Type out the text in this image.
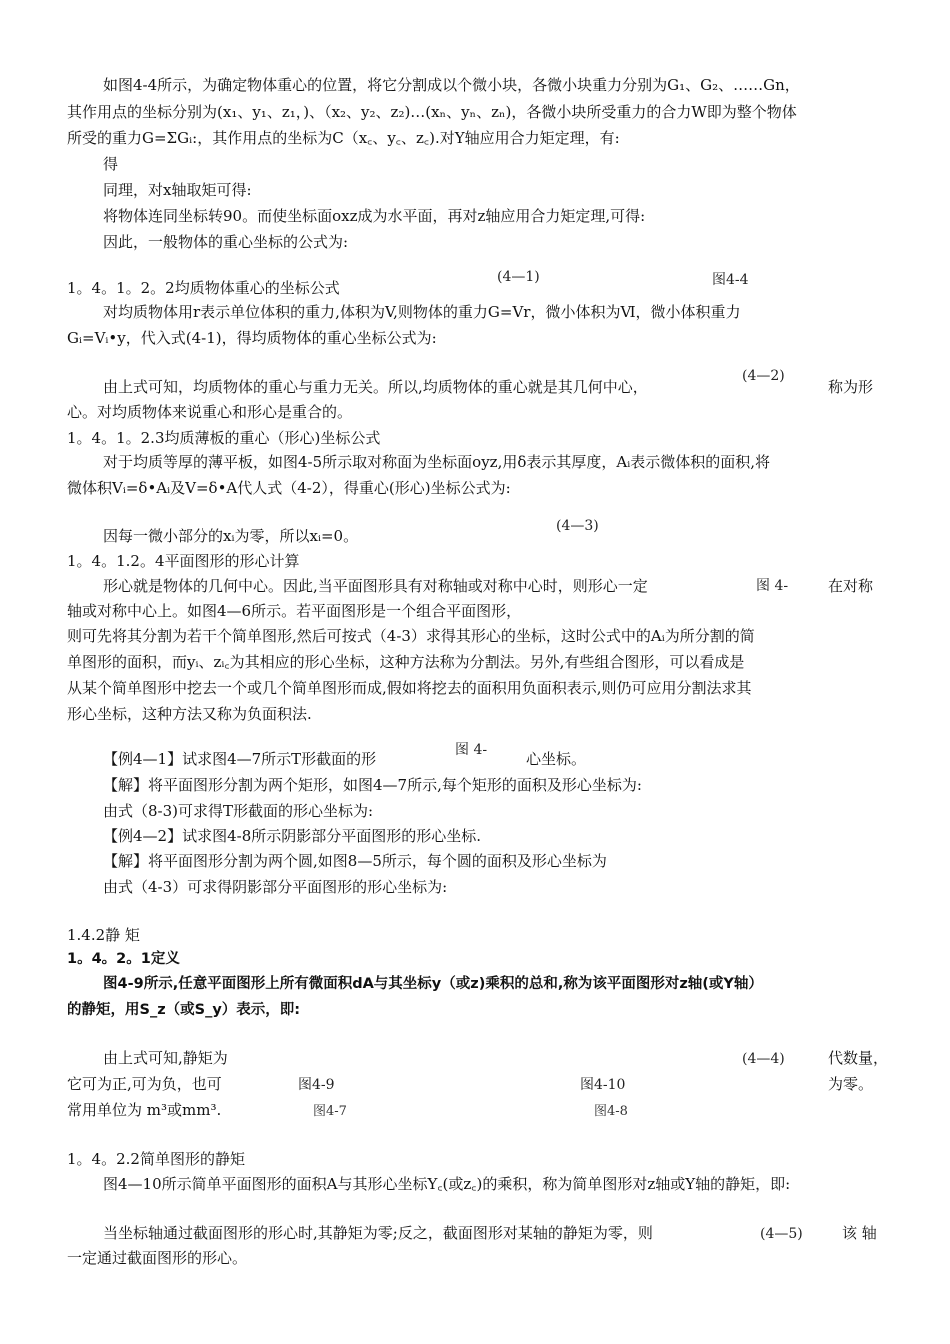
如图4-4所示，为确定物体重心的位置，将它分割成以个微小块，各微小块重力分别为G₁、G₂、……Gn，
其作用点的坐标分别为(x₁、y₁、z₁，)、（x₂、y₂、z₂)…(xₙ、yₙ、zₙ)，各微小块所受重力的合力W即为整个物体
所受的重力G=ΣGᵢ:，其作用点的坐标为C（x꜀、y꜀、z꜀).对Y轴应用合力矩定理，有:
得
同理，对x轴取矩可得:
将物体连同坐标转90。而使坐标面oxz成为水平面，再对z轴应用合力矩定理,可得:
因此，一般物体的重心坐标的公式为:
(4—1)	图4-4
1。4。1。2。2均质物体重心的坐标公式
对均质物体用r表示单位体积的重力,体积为V,则物体的重力G=Vr，微小体积为Ⅵ，微小体积重力
Gᵢ=Vᵢ•y，代入式(4-1)，得均质物体的重心坐标公式为:
(4—2)
由上式可知，均质物体的重心与重力无关。所以,均质物体的重心就是其几何中心，	称为形
心。对均质物体来说重心和形心是重合的。
1。4。1。2.3均质薄板的重心（形心)坐标公式
对于均质等厚的薄平板，如图4-5所示取对称面为坐标面oyz,用δ表示其厚度，Aᵢ表示微体积的面积,将
微体积Vᵢ=δ•Aᵢ及V=δ•A代人式（4-2），得重心(形心)坐标公式为:
(4—3)
因每一微小部分的xᵢ为零，所以xᵢ=0。
1。4。1.2。4平面图形的形心计算
形心就是物体的几何中心。因此,当平面图形具有对称轴或对称中心时，则形心一定	图 4-	在对称
轴或对称中心上。如图4—6所示。若平面图形是一个组合平面图形，
则可先将其分割为若干个简单图形,然后可按式（4-3）求得其形心的坐标，这时公式中的Aᵢ为所分割的简
单图形的面积，而yᵢ、zᵢ꜀为其相应的形心坐标，这种方法称为分割法。另外,有些组合图形，可以看成是
从某个简单图形中挖去一个或几个简单图形而成,假如将挖去的面积用负面积表示,则仍可应用分割法求其
形心坐标，这种方法又称为负面积法.
图 4-
【例4—1】试求图4—7所示T形截面的形	心坐标。
【解】将平面图形分割为两个矩形，如图4—7所示,每个矩形的面积及形心坐标为:
由式（8-3)可求得T形截面的形心坐标为:
【例4—2】试求图4-8所示阴影部分平面图形的形心坐标.
【解】将平面图形分割为两个圆,如图8—5所示，每个圆的面积及形心坐标为
由式（4-3）可求得阴影部分平面图形的形心坐标为:
1.4.2静 矩
1。4。2。1定义
图4-9所示,任意平面图形上所有微面积dA与其坐标y（或z)乘积的总和,称为该平面图形对z轴(或Y轴）
的静矩，用S_z（或S_y）表示，即:
由上式可知,静矩为
它可为正,可为负，也可
常用单位为 m³或mm³.
(4—4)	代数量，
为零。
图4-9	图4-10
图4-7	图4-8
1。4。2.2简单图形的静矩
图4—10所示简单平面图形的面积A与其形心坐标Y꜀(或z꜀)的乘积，称为简单图形对z轴或Y轴的静矩，即:
当坐标轴通过截面图形的形心时,其静矩为零;反之，截面图形对某轴的静矩为零，则	(4—5)	该 轴
一定通过截面图形的形心。
